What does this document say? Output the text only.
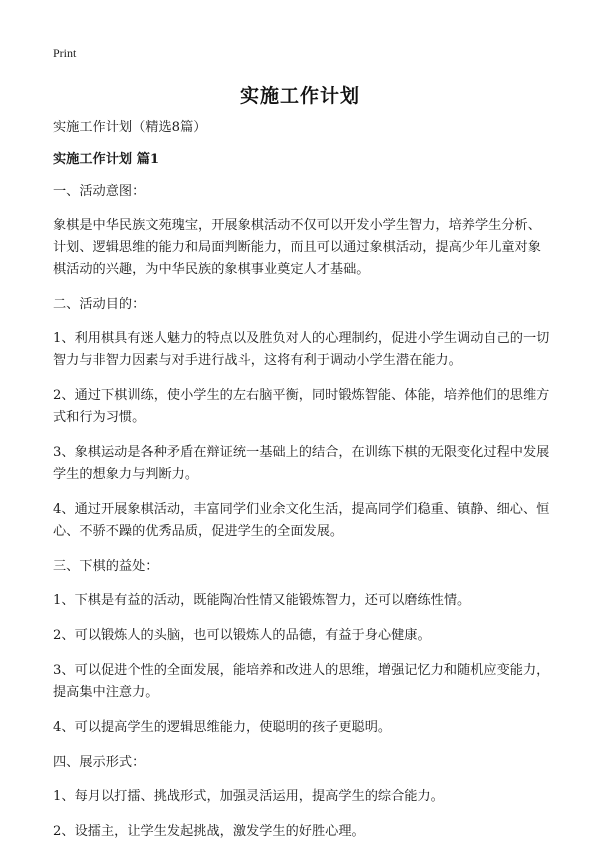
Print
实施工作计划

实施工作计划（精选8篇）

实施工作计划 篇1

一、活动意图：

象棋是中华民族文苑瑰宝，开展象棋活动不仅可以开发小学生智力，培养学生分析、计划、逻辑思维的能力和局面判断能力，而且可以通过象棋活动，提高少年儿童对象棋活动的兴趣，为中华民族的象棋事业奠定人才基础。

二、活动目的：

1、利用棋具有迷人魅力的特点以及胜负对人的心理制约，促进小学生调动自己的一切智力与非智力因素与对手进行战斗，这将有利于调动小学生潜在能力。

2、通过下棋训练，使小学生的左右脑平衡，同时锻炼智能、体能，培养他们的思维方式和行为习惯。

3、象棋运动是各种矛盾在辩证统一基础上的结合，在训练下棋的无限变化过程中发展学生的想象力与判断力。

4、通过开展象棋活动，丰富同学们业余文化生活，提高同学们稳重、镇静、细心、恒心、不骄不躁的优秀品质，促进学生的全面发展。

三、下棋的益处：

1、下棋是有益的活动，既能陶冶性情又能锻炼智力，还可以磨练性情。

2、可以锻炼人的头脑，也可以锻炼人的品德，有益于身心健康。

3、可以促进个性的全面发展，能培养和改进人的思维，增强记忆力和随机应变能力，提高集中注意力。

4、可以提高学生的逻辑思维能力，使聪明的孩子更聪明。

四、展示形式：

1、每月以打擂、挑战形式，加强灵活运用，提高学生的综合能力。

2、设擂主，让学生发起挑战，激发学生的好胜心理。
